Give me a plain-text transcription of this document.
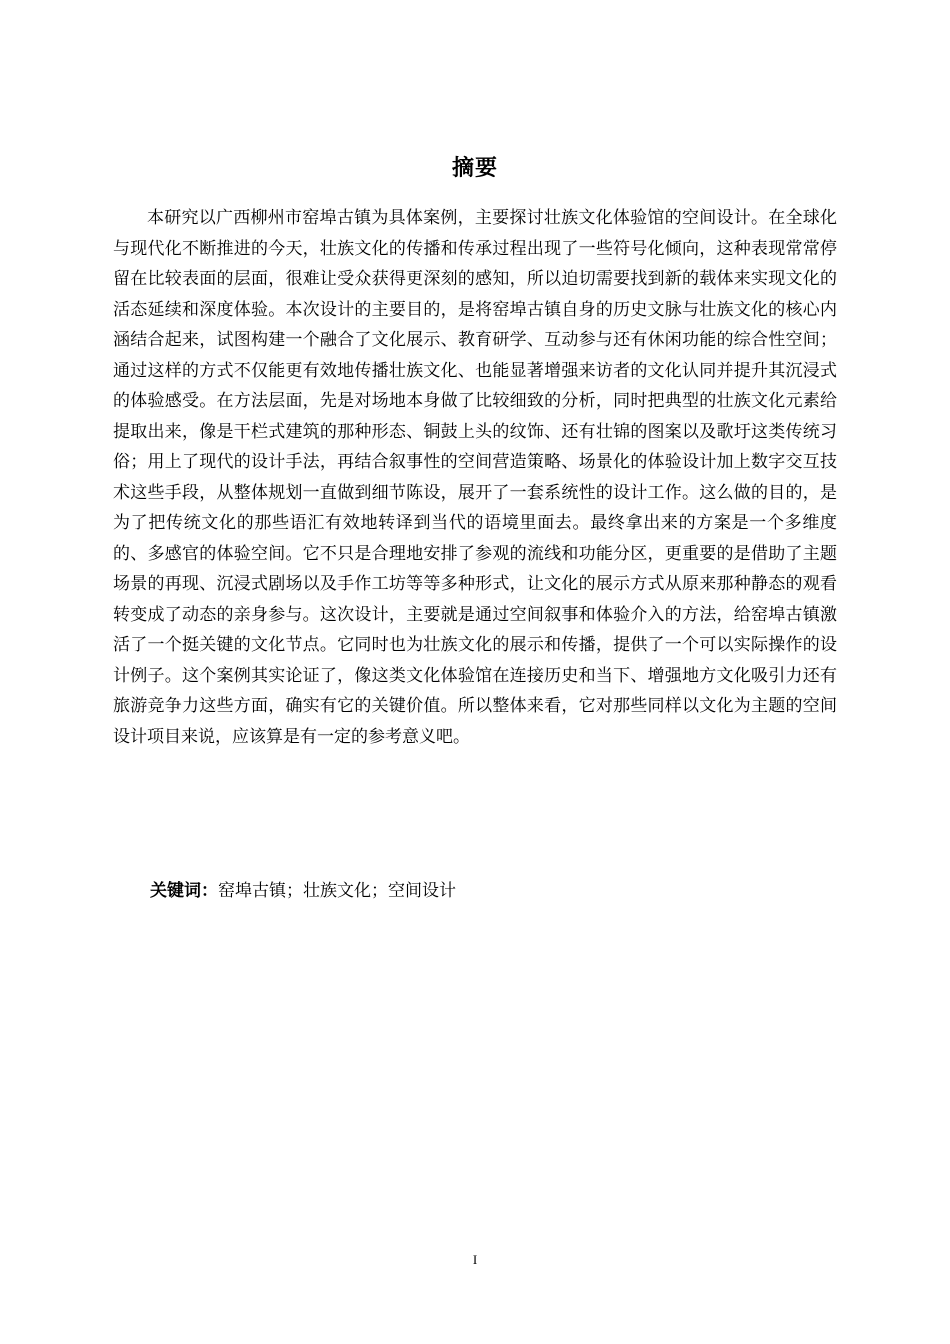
摘要

本研究以广西柳州市窑埠古镇为具体案例，主要探讨壮族文化体验馆的空间设计。在全球化与现代化不断推进的今天，壮族文化的传播和传承过程出现了一些符号化倾向，这种表现常常停留在比较表面的层面，很难让受众获得更深刻的感知，所以迫切需要找到新的载体来实现文化的活态延续和深度体验。本次设计的主要目的，是将窑埠古镇自身的历史文脉与壮族文化的核心内涵结合起来，试图构建一个融合了文化展示、教育研学、互动参与还有休闲功能的综合性空间；通过这样的方式不仅能更有效地传播壮族文化、也能显著增强来访者的文化认同并提升其沉浸式的体验感受。在方法层面，先是对场地本身做了比较细致的分析，同时把典型的壮族文化元素给提取出来，像是干栏式建筑的那种形态、铜鼓上头的纹饰、还有壮锦的图案以及歌圩这类传统习俗；用上了现代的设计手法，再结合叙事性的空间营造策略、场景化的体验设计加上数字交互技术这些手段，从整体规划一直做到细节陈设，展开了一套系统性的设计工作。这么做的目的，是为了把传统文化的那些语汇有效地转译到当代的语境里面去。最终拿出来的方案是一个多维度的、多感官的体验空间。它不只是合理地安排了参观的流线和功能分区，更重要的是借助了主题场景的再现、沉浸式剧场以及手作工坊等等多种形式，让文化的展示方式从原来那种静态的观看转变成了动态的亲身参与。这次设计，主要就是通过空间叙事和体验介入的方法，给窑埠古镇激活了一个挺关键的文化节点。它同时也为壮族文化的展示和传播，提供了一个可以实际操作的设计例子。这个案例其实论证了，像这类文化体验馆在连接历史和当下、增强地方文化吸引力还有旅游竞争力这些方面，确实有它的关键价值。所以整体来看，它对那些同样以文化为主题的空间设计项目来说，应该算是有一定的参考意义吧。

关键词：窑埠古镇；壮族文化；空间设计
I
